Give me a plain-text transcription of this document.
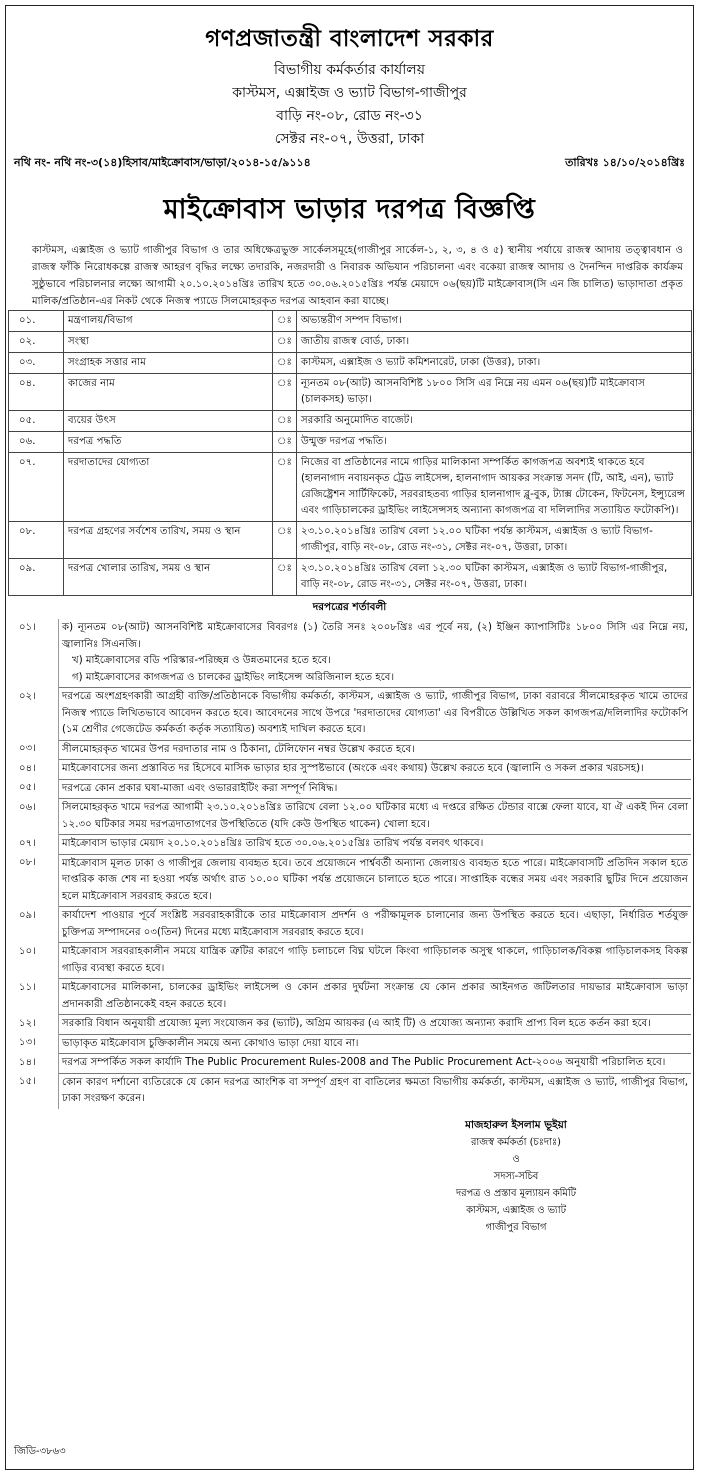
গণপ্রজাতন্ত্রী বাংলাদেশ সরকার
বিভাগীয় কর্মকর্তার কার্যালয়
কাস্টমস, এক্সাইজ ও ভ্যাট বিভাগ-গাজীপুর
বাড়ি নং-০৮, রোড নং-৩১
সেক্টর নং-০৭, উত্তরা, ঢাকা
নথি নং- নথি নং-৩(১৪)হিসাব/মাইক্রোবাস/ভাড়া/২০১৪-১৫/৯১১৪	তারিখঃ ১৪/১০/২০১৪খ্রিঃ
মাইক্রোবাস ভাড়ার দরপত্র বিজ্ঞপ্তি
কাস্টমস, এক্সাইজ ও ভ্যাট গাজীপুর বিভাগ ও তার অধিক্ষেত্রভুক্ত সার্কেলসমূহে(গাজীপুর সার্কেল-১, ২, ৩, ৪ ও ৫) স্থানীয় পর্যায়ে রাজস্ব আদায় তত্ত্বাবধান ও রাজস্ব ফাঁকি নিরোধকল্পে রাজস্ব আহরণ বৃদ্ধির লক্ষ্যে তদারকি, নজরদারী ও নিবারক অভিযান পরিচালনা এবং বকেয়া রাজস্ব আদায় ও দৈনন্দিন দাপ্তরিক কার্যক্রম সুষ্ঠুভাবে পরিচালনার লক্ষ্যে আগামী ২০.১০.২০১৪খ্রিঃ তারিখ হতে ৩০.০৬.২০১৫খ্রিঃ পর্যন্ত মেয়াদে ০৬(ছয়)টি মাইক্রোবাস(সি এন জি চালিত) ভাড়াদাতা প্রকৃত মালিক/প্রতিষ্ঠান-এর নিকট থেকে নিজস্ব প্যাডে সিলমোহরকৃত দরপত্র আহবান করা যাচ্ছে।
০১.	মন্ত্রণালয়/বিভাগ	ঃ	অভ্যন্তরীণ সম্পদ বিভাগ।
০২.	সংস্থা	ঃ	জাতীয় রাজস্ব বোর্ড, ঢাকা।
০৩.	সংগ্রাহক সত্তার নাম	ঃ	কাস্টমস, এক্সাইজ ও ভ্যাট কমিশনারেট, ঢাকা (উত্তর), ঢাকা।
০৪.	কাজের নাম	ঃ	ন্যূনতম ০৮(আট) আসনবিশিষ্ট ১৮০০ সিসি এর নিম্নে নয় এমন ০৬(ছয়)টি মাইক্রোবাস (চালকসহ) ভাড়া।
০৫.	ব্যয়ের উৎস	ঃ	সরকারি অনুমোদিত বাজেট।
০৬.	দরপত্র পদ্ধতি	ঃ	উন্মুক্ত দরপত্র পদ্ধতি।
০৭.	দরদাতাদের যোগ্যতা	ঃ	নিজের বা প্রতিষ্ঠানের নামে গাড়ির মালিকানা সম্পর্কিত কাগজপত্র অবশ্যই থাকতে হবে (হালনাগাদ নবায়নকৃত ট্রেড লাইসেন্স, হালনাগাদ আয়কর সংক্রান্ত সনদ (টি, আই, এন), ভ্যাট রেজিষ্ট্রেশন সার্টিফিকেট, সরবরাহতব্য গাড়ির হালনাগাদ ব্লু-বুক, ট্যাক্স টোকেন, ফিটনেস, ইন্স্যুরেন্স এবং গাড়িচালকের ড্রাইভিং লাইসেন্সসহ অন্যান্য কাগজপত্র বা দলিলাদির সত্যায়িত ফটোকপি)।
০৮.	দরপত্র গ্রহণের সর্বশেষ তারিখ, সময় ও স্থান	ঃ	২৩.১০.২০১৪খ্রিঃ তারিখ বেলা ১২.০০ ঘটিকা পর্যন্ত কাস্টমস, এক্সাইজ ও ভ্যাট বিভাগ-গাজীপুর, বাড়ি নং-০৮, রোড নং-৩১, সেক্টর নং-০৭, উত্তরা, ঢাকা।
০৯.	দরপত্র খোলার তারিখ, সময় ও স্থান	ঃ	২৩.১০.২০১৪খ্রিঃ তারিখ বেলা ১২.৩০ ঘটিকা কাস্টমস, এক্সাইজ ও ভ্যাট বিভাগ-গাজীপুর, বাড়ি নং-০৮, রোড নং-৩১, সেক্টর নং-০৭, উত্তরা, ঢাকা।
দরপত্রের শর্তাবলী
০১।	ক) ন্যূনতম ০৮(আট) আসনবিশিষ্ট মাইক্রোবাসের বিবরণঃ (১) তৈরি সনঃ ২০০৮খ্রিঃ এর পূর্বে নয়, (২) ইঞ্জিন ক্যাপাসিটিঃ ১৮০০ সিসি এর নিম্নে নয়, জ্বালানিঃ সিএনজি।
খ) মাইক্রোবাসের বডি পরিস্কার-পরিচ্ছন্ন ও উন্নতমানের হতে হবে।
গ) মাইক্রোবাসের কাগজপত্র ও চালকের ড্রাইভিং লাইসেন্স অরিজিনাল হতে হবে।

০২।	দরপত্রে অংশগ্রহণকারী আগ্রহী ব্যক্তি/প্রতিষ্ঠানকে বিভাগীয় কর্মকর্তা, কাস্টমস, এক্সাইজ ও ভ্যাট, গাজীপুর বিভাগ, ঢাকা বরাবরে সীলমোহরকৃত খামে তাদের নিজস্ব প্যাডে লিখিতভাবে আবেদন করতে হবে। আবেদনের সাথে উপরে 'দরদাতাদের যোগ্যতা' এর বিপরীতে উল্লিখিত সকল কাগজপত্র/দলিলাদির ফটোকপি (১ম শ্রেণীর গেজেটেড কর্মকর্তা কর্তৃক সত্যায়িত) অবশ্যই দাখিল করতে হবে।

০৩।	সীলমোহরকৃত খামের উপর দরদাতার নাম ও ঠিকানা, টেলিফোন নম্বর উল্লেখ করতে হবে।

০৪।	মাইক্রোবাসের জন্য প্রস্তাবিত দর হিসেবে মাসিক ভাড়ার হার সুস্পষ্টভাবে (অংকে এবং কথায়) উল্লেখ করতে হবে (জ্বালানি ও সকল প্রকার খরচসহ)।

০৫।	দরপত্রে কোন প্রকার ঘষা-মাজা এবং ওভাররাইটিং করা সম্পূর্ণ নিষিদ্ধ।

০৬।	সিলমোহরকৃত খামে দরপত্র আগামী ২৩.১০.২০১৪খ্রিঃ তারিখে বেলা ১২.০০ ঘটিকার মধ্যে এ দপ্তরে রক্ষিত টেন্ডার বাক্সে ফেলা যাবে, যা ঐ একই দিন বেলা ১২.৩০ ঘটিকার সময় দরপত্রদাতাগণের উপস্থিতিতে (যদি কেউ উপস্থিত থাকেন) খোলা হবে।

০৭।	মাইক্রোবাস ভাড়ার মেয়াদ ২০.১০.২০১৪খ্রিঃ তারিখ হতে ৩০.০৬.২০১৫খ্রিঃ তারিখ পর্যন্ত বলবৎ থাকবে।

০৮।	মাইক্রোবাস মূলত ঢাকা ও গাজীপুর জেলায় ব্যবহৃত হবে। তবে প্রয়োজনে পার্শ্ববর্তী অন্যান্য জেলায়ও ব্যবহৃত হতে পারে। মাইক্রোবাসটি প্রতিদিন সকাল হতে দাপ্তরিক কাজ শেষ না হওয়া পর্যন্ত অর্থাৎ রাত ১০.০০ ঘটিকা পর্যন্ত প্রয়োজনে চালাতে হতে পারে। সাপ্তাহিক বন্ধের সময় এবং সরকারি ছুটির দিনে প্রয়োজন হলে মাইক্রোবাস সরবরাহ করতে হবে।

০৯।	কার্যাদেশ পাওয়ার পূর্বে সংশ্লিষ্ট সরবরাহকারীকে তার মাইক্রোবাস প্রদর্শন ও পরীক্ষামূলক চালানোর জন্য উপস্থিত করতে হবে। এছাড়া, নির্ধারিত শর্তযুক্ত চুক্তিপত্র সম্পাদনের ০৩(তিন) দিনের মধ্যে মাইক্রোবাস সরবরাহ করতে হবে।

১০।	মাইক্রোবাস সরবরাহকালীন সময়ে যান্ত্রিক ত্রুটির কারণে গাড়ি চলাচলে বিঘ্ন ঘটলে কিংবা গাড়িচালক অসুস্থ থাকলে, গাড়িচালক/বিকল্প গাড়িচালকসহ বিকল্প গাড়ির ব্যবস্থা করতে হবে।

১১।	মাইক্রোবাসের মালিকানা, চালকের ড্রাইভিং লাইসেন্স ও কোন প্রকার দুর্ঘটনা সংক্রান্ত যে কোন প্রকার আইনগত জটিলতার দায়ভার মাইক্রোবাস ভাড়া প্রদানকারী প্রতিষ্ঠানকেই বহন করতে হবে।

১২।	সরকারি বিধান অনুযায়ী প্রযোজ্য মূল্য সংযোজন কর (ভ্যাট), অগ্রিম আয়কর (এ আই টি) ও প্রযোজ্য অন্যান্য করাদি প্রাপ্য বিল হতে কর্তন করা হবে।

১৩।	ভাড়াকৃত মাইক্রোবাস চুক্তিকালীন সময়ে অন্য কোথাও ভাড়া দেয়া যাবে না।

১৪।	দরপত্র সম্পর্কিত সকল কার্যাদি The Public Procurement Rules-2008 and The Public Procurement Act-২০০৬ অনুযায়ী পরিচালিত হবে।

১৫।	কোন কারণ দর্শানো ব্যতিরেকে যে কোন দরপত্র আংশিক বা সম্পূর্ণ গ্রহণ বা বাতিলের ক্ষমতা বিভাগীয় কর্মকর্তা, কাস্টমস, এক্সাইজ ও ভ্যাট, গাজীপুর বিভাগ, ঢাকা সংরক্ষণ করেন।
মাজহারুল ইসলাম ভূইয়া
রাজস্ব কর্মকর্তা (চঃদাঃ)
ও
সদস্য-সচিব
দরপত্র ও প্রস্তাব মূল্যায়ন কমিটি
কাস্টমস, এক্সাইজ ও ভ্যাট
গাজীপুর বিভাগ
জিডি-৩৮৬৩
